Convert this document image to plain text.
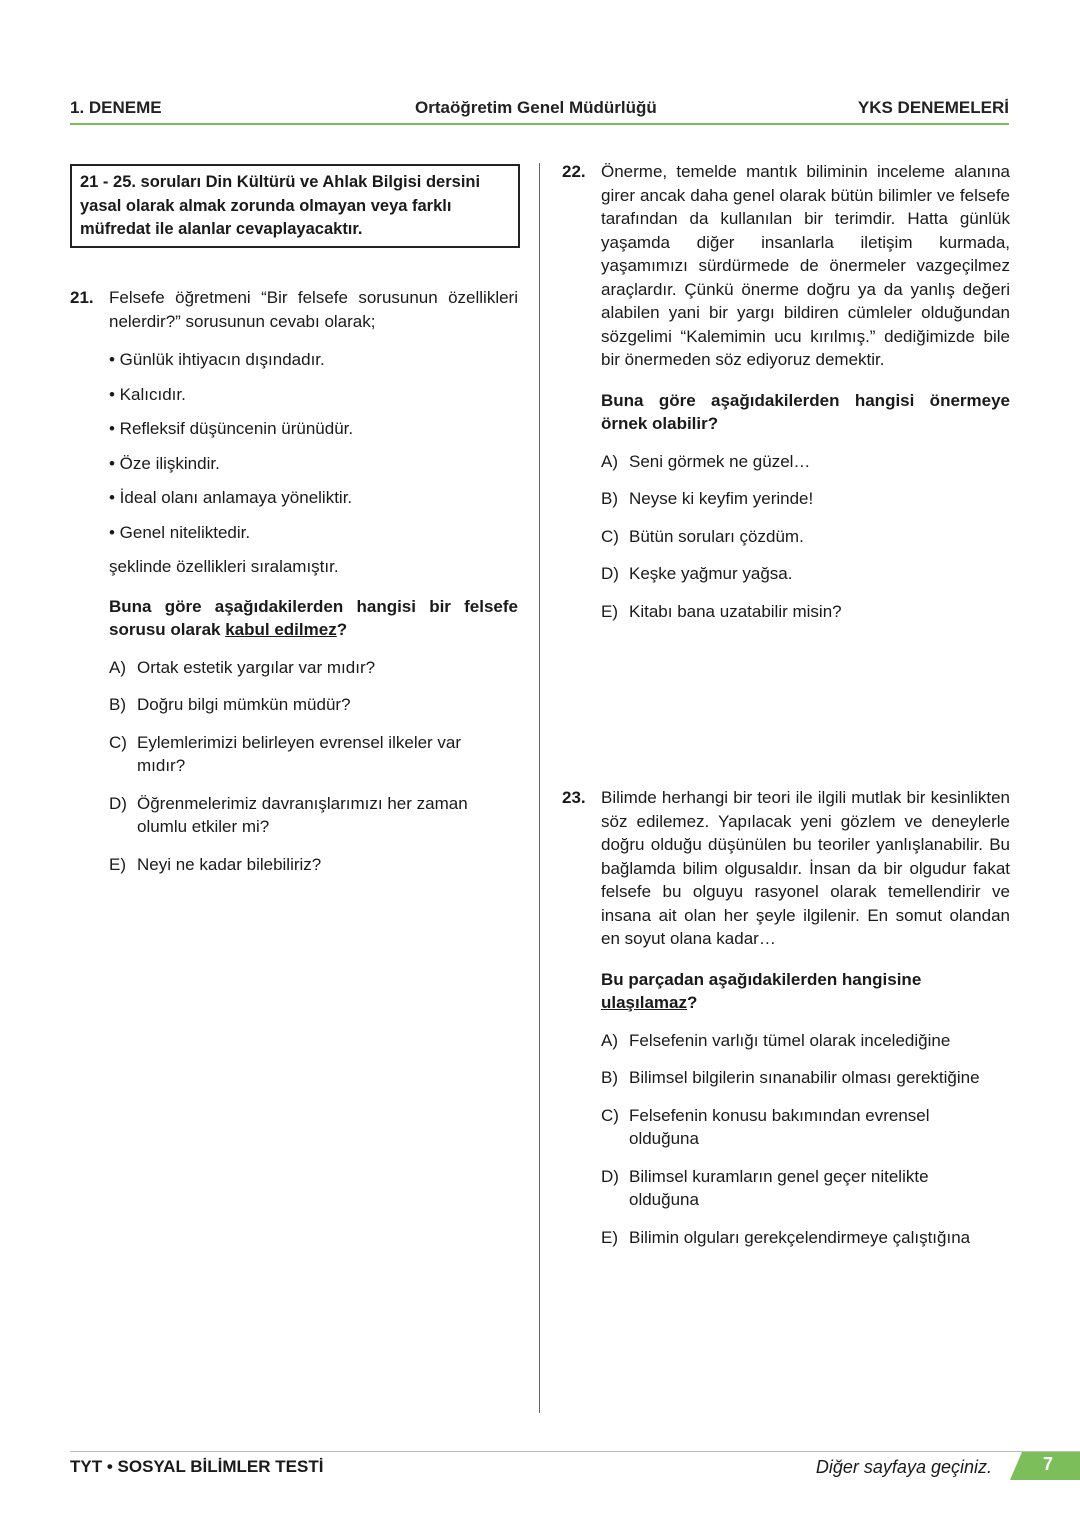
1. DENEME	Ortaöğretim Genel Müdürlüğü	YKS DENEMELERİ
21 - 25. soruları Din Kültürü ve Ahlak Bilgisi dersini yasal olarak almak zorunda olmayan veya farklı müfredat ile alanlar cevaplayacaktır.
21. Felsefe öğretmeni “Bir felsefe sorusunun özellikleri nelerdir?” sorusunun cevabı olarak;
• Günlük ihtiyacın dışındadır.
• Kalıcıdır.
• Refleksif düşüncenin ürünüdür.
• Öze ilişkindir.
• İdeal olanı anlamaya yöneliktir.
• Genel niteliktedir.
şeklinde özellikleri sıralamıştır.
Buna göre aşağıdakilerden hangisi bir felsefe sorusu olarak kabul edilmez?
A) Ortak estetik yargılar var mıdır?
B) Doğru bilgi mümkün müdür?
C) Eylemlerimizi belirleyen evrensel ilkeler var mıdır?
D) Öğrenmelerimiz davranışlarımızı her zaman olumlu etkiler mi?
E) Neyi ne kadar bilebiliriz?
22. Önerme, temelde mantık biliminin inceleme alanına girer ancak daha genel olarak bütün bilimler ve felsefe tarafından da kullanılan bir terimdir. Hatta günlük yaşamda diğer insanlarla iletişim kurmada, yaşamımızı sürdürmede de önermeler vazgeçilmez araçlardır. Çünkü önerme doğru ya da yanlış değeri alabilen yani bir yargı bildiren cümleler olduğundan sözgelimi “Kalemimin ucu kırılmış.” dediğimizde bile bir önermeden söz ediyoruz demektir.
Buna göre aşağıdakilerden hangisi önermeye örnek olabilir?
A) Seni görmek ne güzel…
B) Neyse ki keyfim yerinde!
C) Bütün soruları çözdüm.
D) Keşke yağmur yağsa.
E) Kitabı bana uzatabilir misin?
23. Bilimde herhangi bir teori ile ilgili mutlak bir kesinlikten söz edilemez. Yapılacak yeni gözlem ve deneylerle doğru olduğu düşünülen bu teoriler yanlışlanabilir. Bu bağlamda bilim olgusaldır. İnsan da bir olgudur fakat felsefe bu olguyu rasyonel olarak temellendirir ve insana ait olan her şeyle ilgilenir. En somut olandan en soyut olana kadar…
Bu parçadan aşağıdakilerden hangisine ulaşılamaz?
A) Felsefenin varlığı tümel olarak incelediğine
B) Bilimsel bilgilerin sınanabilir olması gerektiğine
C) Felsefenin konusu bakımından evrensel olduğuna
D) Bilimsel kuramların genel geçer nitelikte olduğuna
E) Bilimin olguları gerekçelendirmeye çalıştığına
TYT • SOSYAL BİLİMLER TESTİ	Diğer sayfaya geçiniz.	7
